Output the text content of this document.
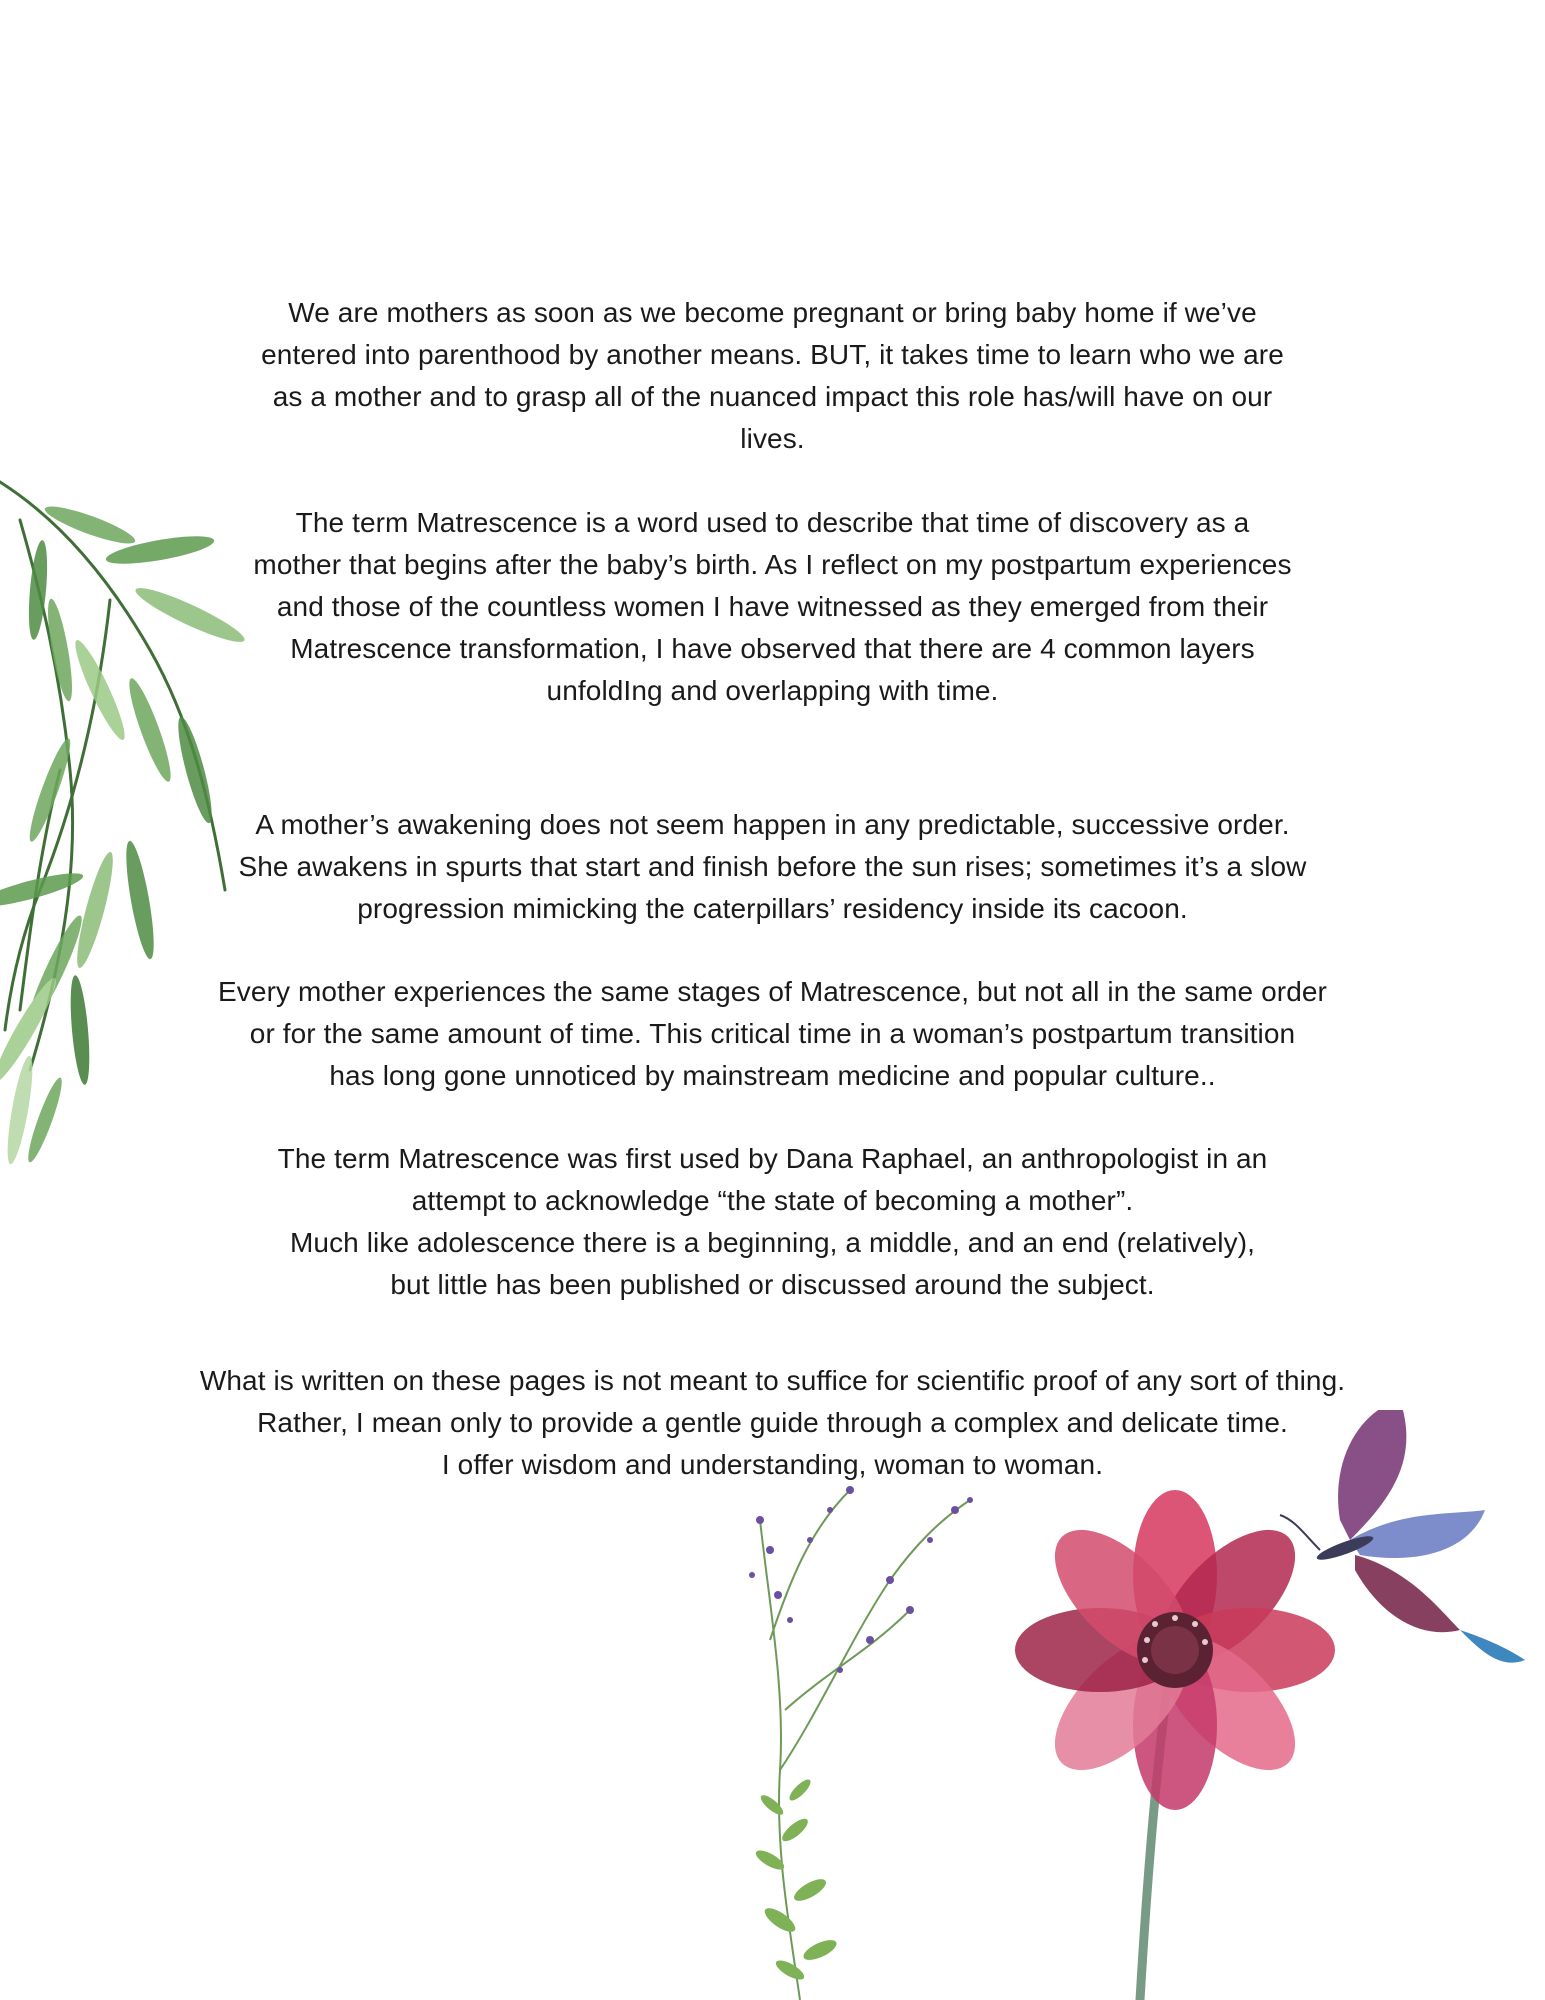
We are mothers as soon as we become pregnant or bring baby home if we’ve
entered into parenthood by another means. BUT, it takes time to learn who we are
as a mother and to grasp all of the nuanced impact this role has/will have on our
lives.
The term Matrescence is a word used to describe that time of discovery as a
mother that begins after the baby’s birth. As I reflect on my postpartum experiences
and those of the countless women I have witnessed as they emerged from their
Matrescence transformation, I have observed that there are 4 common layers
unfoldIng and overlapping with time.
A mother’s awakening does not seem happen in any predictable, successive order.
She awakens in spurts that start and finish before the sun rises; sometimes it’s a slow
progression mimicking the caterpillars’ residency inside its cacoon.
Every mother experiences the same stages of Matrescence, but not all in the same order
or for the same amount of time. This critical time in a woman’s postpartum transition
has long gone unnoticed by mainstream medicine and popular culture..
The term Matrescence was first used by Dana Raphael, an anthropologist in an
attempt to acknowledge “the state of becoming a mother”.
Much like adolescence there is a beginning, a middle, and an end (relatively),
but little has been published or discussed around the subject.
What is written on these pages is not meant to suffice for scientific proof of any sort of thing.
Rather, I mean only to provide a gentle guide through a complex and delicate time.
I offer wisdom and understanding, woman to woman.
